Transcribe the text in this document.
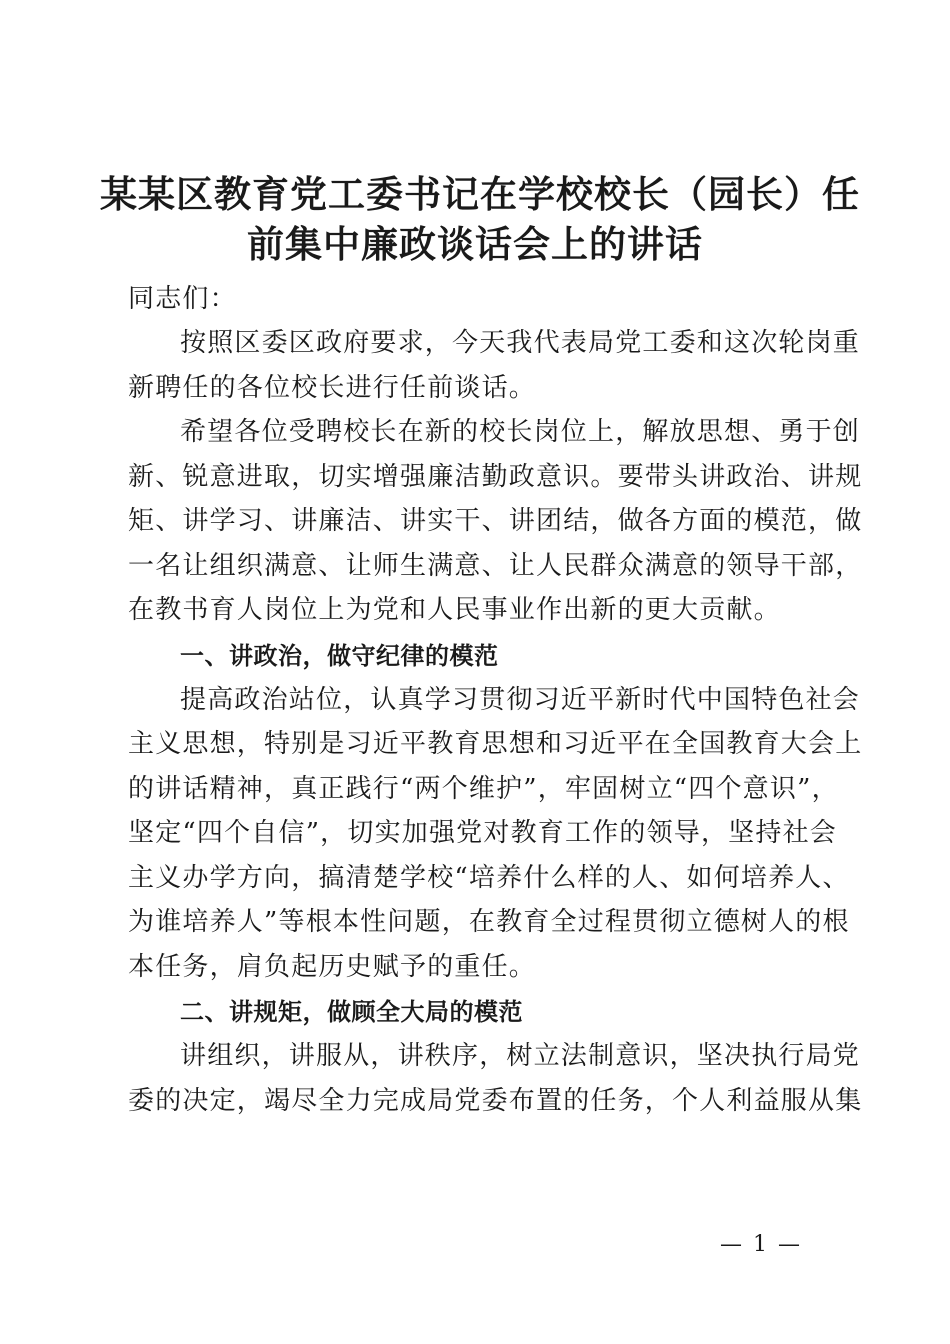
某某区教育党工委书记在学校校长（园长）任
前集中廉政谈话会上的讲话
同志们：
按照区委区政府要求，今天我代表局党工委和这次轮岗重
新聘任的各位校长进行任前谈话。
希望各位受聘校长在新的校长岗位上，解放思想、勇于创
新、锐意进取，切实增强廉洁勤政意识。要带头讲政治、讲规
矩、讲学习、讲廉洁、讲实干、讲团结，做各方面的模范，做
一名让组织满意、让师生满意、让人民群众满意的领导干部，
在教书育人岗位上为党和人民事业作出新的更大贡献。
一、讲政治，做守纪律的模范
提高政治站位，认真学习贯彻习近平新时代中国特色社会
主义思想，特别是习近平教育思想和习近平在全国教育大会上
的讲话精神，真正践行“两个维护”，牢固树立“四个意识”，
坚定“四个自信”，切实加强党对教育工作的领导，坚持社会
主义办学方向，搞清楚学校“培养什么样的人、如何培养人、
为谁培养人”等根本性问题，在教育全过程贯彻立德树人的根
本任务，肩负起历史赋予的重任。
二、讲规矩，做顾全大局的模范
讲组织，讲服从，讲秩序，树立法制意识，坚决执行局党
委的决定，竭尽全力完成局党委布置的任务，个人利益服从集
— 1 —
